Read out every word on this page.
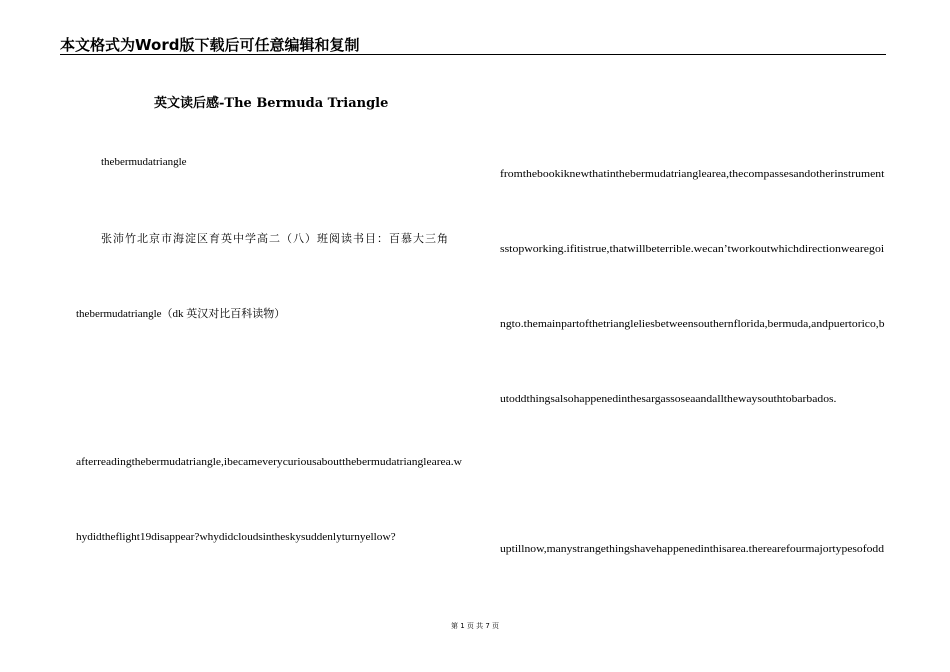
本文格式为Word版下载后可任意编辑和复制
英文读后感-The Bermuda Triangle
thebermudatriangle
张沛竹北京市海淀区育英中学高二（八）班阅读书目：百慕大三角
thebermudatriangle（dk 英汉对比百科读物）
afterreadingthebermudatriangle,ibecameverycuriousaboutthebermudatrianglearea.w
hydidtheflight19disappear?whydidcloudsintheskysuddenlyturnyellow?
fromthebookiknewthatinthebermudatrianglearea,thecompassesandotherinstrument
sstopworking.ifitistrue,thatwillbeterrible.wecan’tworkoutwhichdirectionwearegoi
ngto.themainpartofthetriangleliesbetweensouthernflorida,bermuda,andpuertorico,b
utoddthingsalsohappenedinthesargassoseaandallthewaysouthtobarbados.
uptillnow,manystrangethingshavehappenedinthisarea.therearefourmajortypesofodd
第 1 页 共 7 页
